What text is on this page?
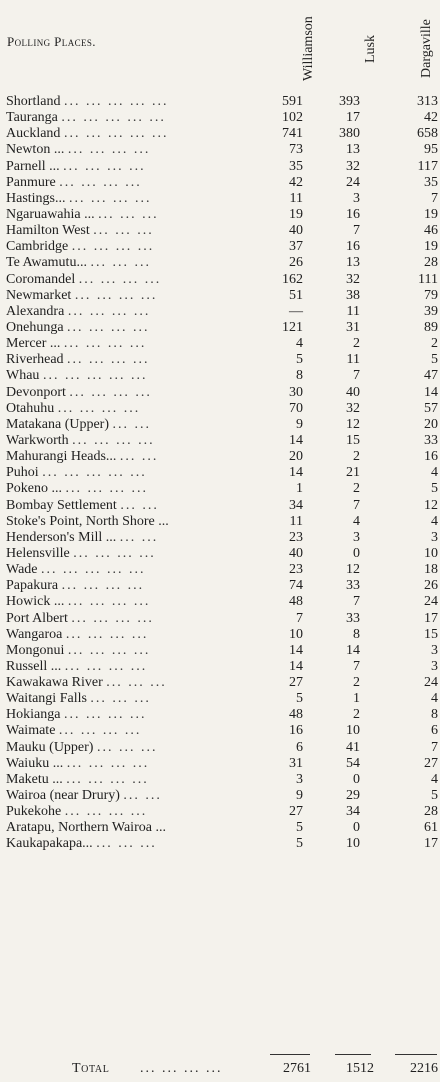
Polling Places.	Williamson	Lusk	Dargaville
Shortland ... ... ... ... ...	591	393	313
Tauranga ... ... ... ... ...	102	17	42
Auckland ... ... ... ... ...	741	380	658
Newton ... ... ... ... ...	73	13	95
Parnell ... ... ... ... ...	35	32	117
Panmure ... ... ... ...	42	24	35
Hastings... ... ... ... ...	11	3	7
Ngaruawahia ... ... ... ...	19	16	19
Hamilton West ... ... ...	40	7	46
Cambridge ... ... ... ...	37	16	19
Te Awamutu... ... ... ...	26	13	28
Coromandel ... ... ... ...	162	32	111
Newmarket ... ... ... ...	51	38	79
Alexandra ... ... ... ...	—	11	39
Onehunga ... ... ... ...	121	31	89
Mercer ... ... ... ... ...	4	2	2
Riverhead ... ... ... ...	5	11	5
Whau ... ... ... ... ...	8	7	47
Devonport ... ... ... ...	30	40	14
Otahuhu ... ... ... ...	70	32	57
Matakana (Upper) ... ...	9	12	20
Warkworth ... ... ... ...	14	15	33
Mahurangi Heads... ... ...	20	2	16
Puhoi ... ... ... ... ...	14	21	4
Pokeno ... ... ... ... ...	1	2	5
Bombay Settlement ... ...	34	7	12
Stoke's Point, North Shore ...	11	4	4
Henderson's Mill ... ... ...	23	3	3
Helensville ... ... ... ...	40	0	10
Wade ... ... ... ... ...	23	12	18
Papakura ... ... ... ...	74	33	26
Howick ... ... ... ... ...	48	7	24
Port Albert ... ... ... ...	7	33	17
Wangaroa ... ... ... ...	10	8	15
Mongonui ... ... ... ...	14	14	3
Russell ... ... ... ... ...	14	7	3
Kawakawa River ... ... ...	27	2	24
Waitangi Falls ... ... ...	5	1	4
Hokianga ... ... ... ...	48	2	8
Waimate ... ... ... ...	16	10	6
Mauku (Upper) ... ... ...	6	41	7
Waiuku ... ... ... ... ...	31	54	27
Maketu ... ... ... ... ...	3	0	4
Wairoa (near Drury) ... ...	9	29	5
Pukekohe ... ... ... ...	27	34	28
Aratapu, Northern Wairoa ...	5	0	61
Kaukapakapa... ... ... ...	5	10	17
Total ... ... ... ...	2761	1512	2216
